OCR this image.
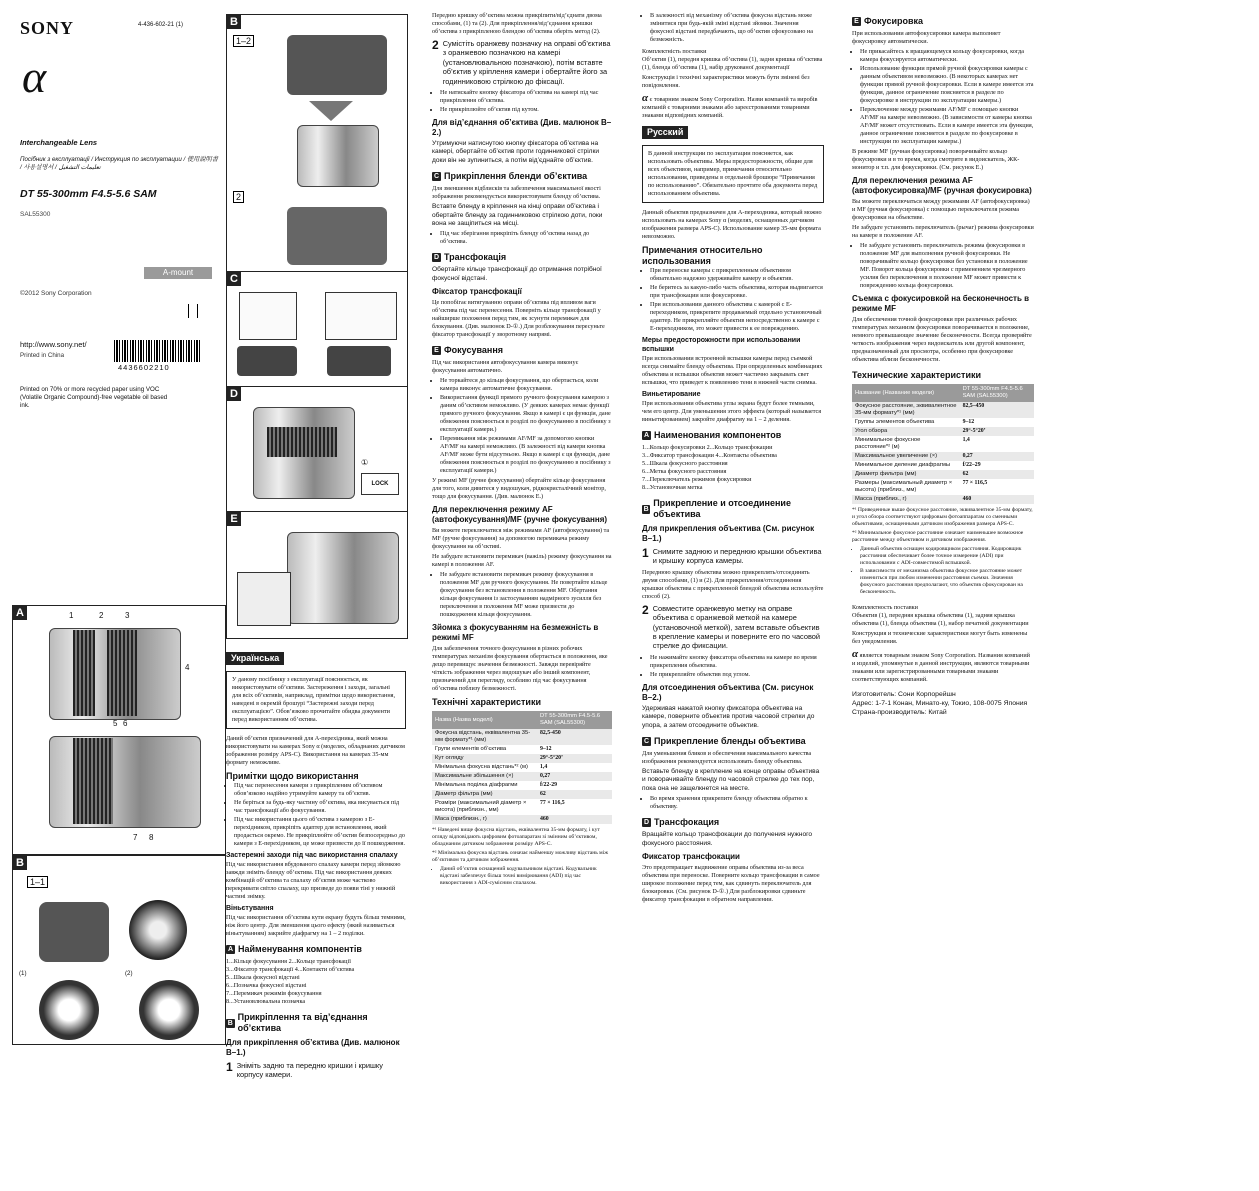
SONY	4-436-602-21 (1)
α
Interchangeable Lens
Посібник з експлуатації / Инструкция по эксплуатации / 使用說明書 / 사용설명서 / تعليمات التشغيل
DT 55-300mm F4.5-5.6 SAM
SAL55300
A-mount
©2012 Sony Corporation
http://www.sony.net/
Printed in China
4436602210
Printed on 70% or more recycled paper using VOC (Volatile Organic Compound)-free vegetable oil based ink.
A	1	2	3
4
5 6
7 8
B
1–1
(1)	(2)
B
1–2
2
C
D
①
LOCK
E
Українська
У даному посібнику з експлуатації пояснюється, як використовувати об’єктиви. Застереження і заходи, загальні для всіх об’єктивів, наприклад, примітки щодо використання, наведені в окремій брошурі “Застережні заходи перед експлуатацією”. Обов’язково прочитайте обидва документи перед використанням об’єктива.

Даний об’єктив призначений для A-перехідника, який можна використовувати на камерах Sony α (моделях, обладнаних датчиком зображення розміру APS-C). Використання на камерах 35-мм формату неможливе.

Примітки щодо використання
• Під час перенесення камери з прикріпленим об’єктивом обов’язково надійно утримуйте камеру та об’єктив.
• Не беріться за будь-яку частину об’єктива, яка висувається під час трансфокації або фокусування.
• Під час використання цього об’єктива з камерою з E-перехідником, прикріпіть адаптер для встановлення, який продається окремо. Не прикріплюйте об’єктив безпосередньо до камери з E-перехідником, це може призвести до її пошкодження.
Застережні заходи під час використання спалаху

Під час використання вбудованого спалаху камери перед зйомкою завжди зніміть бленду об’єктива. Під час використання деяких комбінацій об’єктива та спалаху об’єктив може частково перекривати світло спалаху, що призведе до появи тіні у нижній частині знімку.

Віньєтування

Під час використання об’єктива кути екрану будуть більш темними, ніж його центр. Для зменшення цього ефекту (який називається віньєтуванням) закрийте діафрагму на 1 – 2 поділки.

A Найменування компонентів
1...Кільце фокусування 2...Кольце трансфокації
3...Фіксатор трансфокації 4...Контакти об’єктива
5...Шкала фокусної відстані
6...Позначка фокусної відстані
7...Перемикач режимів фокусування
8...Установлювальна позначка
B
Прикріплення та від’єднання об’єктива
Для прикріплення об’єктива (Див. малюнок B–1.)
1 Зніміть задню та передню кришки і кришку корпусу камери.

Передню кришку об’єктива можна прикріпити/від’єднати двома способами, (1) та (2). Для прикріплення/від’єднання кришки об’єктива з прикріпленою блендою об’єктива оберіть метод (2).

2 Сумістіть оранжеву позначку на оправі об’єктива з оранжевою позначкою на камері (установлювальною позначкою), потім вставте об’єктив у кріплення камери і обертайте його за годинниковою стрілкою до фіксації.
• Не натискайте кнопку фіксатора об’єктива на камері під час прикріплення об’єктива.
• Не прикріплюйте об’єктив під кутом.
Для від’єднання об’єктива (Див. малюнок B–2.)

Утримуючи натиснутою кнопку фіксатора об’єктива на камері, обертайте об’єктив проти годинникової стрілки доки він не зупиниться, а потім від’єднайте об’єктив.

C Прикріплення бленди об’єктива

Для зменшення відблисків та забезпечення максимальної якості зображення рекомендується використовувати бленду об’єктива.

Вставте бленду в кріплення на кінці оправи об’єктива і обертайте бленду за годинниковою стрілкою доти, поки вона не защіпиться на місці.

• Під час зберігання прикріпіть бленду об’єктива назад до об’єктива.
D Трансфокація

Обертайте кільце трансфокації до отримання потрібної фокусної відстані.

Фіксатор трансфокації

Це попобігає витягуванню оправи об’єктива під впливом ваги об’єктива під час перенесення. Поверніть кільце трансфокації у найширше положення перед тим, як зсунути перемикач для блокування. (Див. малюнок D-①.) Для розблокування пересуньте фіксатор трансфокації у зворотному напрямі.

E Фокусування

Під час використання автофокусування камера виконує фокусування автоматично.

• Не торкайтеся до кільця фокусування, що обертається, коли камера виконує автоматичне фокусування.
• Використання функції прямого ручного фокусування камерою з даним об’єктивом неможливо. (У деяких камерах немає функції прямого ручного фокусування. Якщо в камері є ця функція, дане обмеження пояснюється в розділі по фокусуванню в посібнику з експлуатації камери.)
• Перемикання між режимами AF/MF за допомогою кнопки AF/MF на камері неможливо. (В залежності від камери кнопка AF/MF може бути відсутньою. Якщо в камері є ця функція, дане обмеження пояснюється в розділі по фокусуванню в посібнику з експлуатації камери.)

У режимі MF (ручне фокусування) обертайте кільце фокусування для того, коли дивитеся у видошукач, рідкокристалічний монітор, тощо для фокусування. (Див. малюнок E.)

Для переключення режиму AF (автофокусування)/MF (ручне фокусування)

Ви можете переключатися між режимами AF (автофокусування) та MF (ручне фокусування) за допомогою перемикача режиму фокусування на об’єктиві.

Не забудьте встановити перемикач (важіль) режиму фокусування на камері в положення AF.

• Не забудьте встановити перемикач режиму фокусування в положення MF для ручного фокусування. Не повертайте кільце фокусування без встановлення в положення MF. Обертання кільця фокусування із застосуванням надмірного зусилля без переключення в положення MF може призвести до пошкодження кільця фокусування.
Зйомка з фокусуванням на безмежність в режимі MF

Для забезпечення точного фокусування в різних робочих температурах механізм фокусування обертається в положення, яке дещо перевищує значення безмежності. Завжди перевіряйте чіткість зображення через видошукач або інший компонент, призначений для перегляду, особливо під час фокусування об’єктива поблизу безмежності.

Технічні характеристики
Назва (Назва моделі)	DT 55-300mm F4.5-5.6 SAM (SAL55300)
Фокусна відстань, еквівалентна 35-мм формату*¹ (мм)	82,5-450
Групи елементів об’єктива	9–12
Кут огляду	29°-5°20’
Мінімальна фокусна відстань*² (м)	1,4
Максимальне збільшення (×)	0,27
Мінімальна поділка діафрагми	f/22-29
Діаметр фільтра (мм)	62
Розміри (максимальний діаметр × висота) (приблизн., мм)	77 × 116,5
Маса (приблизн., г)	460

*¹ Наведені вище фокусна відстань, еквівалентна 35-мм формату, і кут огляду відповідають цифровим фотоапаратам зі змінним об’єктивом, обладнаним датчиком зображення розміру APS-C.

*² Мінімальна фокусна відстань означає найменшу можливу відстань між об’єктивом та датчиком зображення.

• Даний об’єктив оснащений кодувальником відстані. Кодувальник відстані забезпечує більш точні вимірювання (ADI) під час використання з ADI-сумісним спалахом.
• В залежності від механізму об’єктива фокусна відстань може змінитися при будь-якій зміні відстані зйомки. Значення фокусної відстані передбачають, що об’єктив сфокусовано на безмежність.
Комплектність поставки

Об’єктив (1), передня кришка об’єктива (1), задня кришка об’єктива (1), бленда об’єктива (1), набір друкованої документації

Конструкція і технічні характеристики можуть бути змінені без повідомлення.

α є товарним знаком Sony Corporation. Назви компаній та виробів компаній є товарними знаками або зареєстрованими товарними знаками відповідних компаній.

Русский
В данной инструкции по эксплуатации поясняется, как использовать объективы. Меры предосторожности, общие для всех объективов, например, примечания относительно использования, приведены в отдельной брошюре “Примечания по использованию”. Обязательно прочтите оба документа перед использованием объектива.

Данный объектив предназначен для A-переходника, который можно использовать на камерах Sony α (моделях, оснащенных датчиком изображения размера APS-C). Использование камер 35-мм формата невозможно.

Примечания относительно использования
• При переноске камеры с прикрепленным объективом обязательно надежно удерживайте камеру и объектив.
• Не беритесь за какую-либо часть объектива, которая выдвигается при трансфокации или фокусировке.
• При использовании данного объектива с камерой с E-переходником, прикрепите продаваемый отдельно установочный адаптер. Не прикрепляйте объектив непосредственно к камере с E-переходником, это может привести к ее повреждению.
Меры предосторожности при использовании вспышки

При использовании встроенной вспышки камеры перед съемкой всегда снимайте бленду объектива. При определенных комбинациях объектива и вспышки объектив может частично закрывать свет вспышки, что приведет к появлению тени в нижней части снимка.

Виньетирование

При использовании объектива углы экрана будут более темными, чем его центр. Для уменьшения этого эффекта (который называется виньетированием) закройте диафрагму на 1 – 2 деления.

A Наименования компонентов
1...Кольцо фокусировки 2...Кольцо трансфокации
3...Фиксатор трансфокации 4...Контакты объектива
5...Шкала фокусного расстояния
6...Метка фокусного расстояния
7...Переключатель режимов фокусировки
8...Установочная метка
B
Прикрепление и отсоединение объектива
Для прикрепления объектива (См. рисунок B–1.)
1 Снимите заднюю и переднюю крышки объектива и крышку корпуса камеры.

Переднюю крышку объектива можно прикреплять/отсоединять двумя способами, (1) и (2). Для прикрепления/отсоединения крышки объектива с прикрепленной блендой объектива используйте способ (2).

2 Совместите оранжевую метку на оправе объектива с оранжевой меткой на камере (установочной меткой), затем вставьте объектив в крепление камеры и поверните его по часовой стрелке до фиксации.
• Не нажимайте кнопку фиксатора объектива на камере во время прикрепления объектива.
• Не прикрепляйте объектив под углом.
Для отсоединения объектива (См. рисунок B–2.)

Удерживая нажатой кнопку фиксатора объектива на камере, поверните объектив против часовой стрелки до упора, а затем отсоедините объектив.

C Прикрепление бленды объектива

Для уменьшения бликов и обеспечения максимального качества изображения рекомендуется использовать бленду объектива.

Вставьте бленду в крепление на конце оправы объектива и поворачивайте бленду по часовой стрелке до тех пор, пока она не защелкнется на месте.

• Во время хранения прикрепите бленду объектива обратно к объективу.
D Трансфокация

Вращайте кольцо трансфокации до получения нужного фокусного расстояния.

Фиксатор трансфокации

Это предотвращает выдвижение оправы объектива из-за веса объектива при переноске. Поверните кольцо трансфокации в самое широкое положение перед тем, как сдвинуть переключатель для блокировки. (См. рисунок D-①.) Для разблокировки сдвиньте фиксатор трансфокации в обратном направлении.

E Фокусировка

При использовании автофокусировки камера выполняет фокусировку автоматически.

• Не прикасайтесь к вращающемуся кольцу фокусировки, когда камера фокусируется автоматически.
• Использование функции прямой ручной фокусировки камеры с данным объективом невозможно. (В некоторых камерах нет функции прямой ручной фокусировки. Если в камере имеется эта функция, данное ограничение поясняется в разделе по фокусировке в инструкции по эксплуатации камеры.)
• Переключение между режимами AF/MF с помощью кнопки AF/MF на камере невозможно. (В зависимости от камеры кнопка AF/MF может отсутствовать. Если в камере имеется эта функция, данное ограничение поясняется в разделе по фокусировке в инструкции по эксплуатации камеры.)

В режиме MF (ручная фокусировка) поворачивайте кольцо фокусировки и в то время, когда смотрите в видоискатель, ЖК-монитор и т.п. для фокусировки. (См. рисунок E.)

Для переключения режима AF (автофокусировка)/MF (ручная фокусировка)

Вы можете переключаться между режимами AF (автофокусировка) и MF (ручная фокусировка) с помощью переключателя режима фокусировки на объективе.

Не забудьте установить переключатель (рычаг) режима фокусировки на камере в положение AF.

• Не забудьте установить переключатель режима фокусировки в положение MF для выполнения ручной фокусировки. Не поворачивайте кольцо фокусировки без установки в положение MF. Поворот кольца фокусировки с применением чрезмерного усилия без переключения в положение MF может привести к повреждению кольца фокусировки.
Съемка с фокусировкой на бесконечность в режиме MF

Для обеспечения точной фокусировки при различных рабочих температурах механизм фокусировки поворачивается в положение, немного превышающее значение бесконечности. Всегда проверяйте четкость изображения через видоискатель или другой компонент, предназначенный для просмотра, особенно при фокусировке объектива вблизи бесконечности.

Технические характеристики
Название (Название модели)	DT 55-300mm F4.5-5.6 SAM (SAL55300)
Фокусное расстояние, эквивалентное 35-мм формату*¹ (мм)	82,5–450
Группы элементов объектива	9–12
Угол обзора	29°-5°20’
Минимальное фокусное расстояние*² (м)	1,4
Максимальное увеличение (×)	0,27
Минимальное деление диафрагмы	f/22–29
Диаметр фильтра (мм)	62
Размеры (максимальный диаметр × высота) (приблиз., мм)	77 × 116,5
Масса (приблиз., г)	460

*¹ Приведенные выше фокусное расстояние, эквивалентное 35-мм формату, и угол обзора соответствуют цифровым фотоаппаратам со сменными объективами, оснащенными датчиком изображения размера APS-C.

*² Минимальное фокусное расстояние означает наименьшее возможное расстояние между объективом и датчиком изображения.

• Данный объектив оснащен кодировщиком расстояния. Кодировщик расстояния обеспечивает более точное измерение (ADI) при использовании с ADI-совместимой вспышкой.
• В зависимости от механизма объектива фокусное расстояние может измениться при любом изменении расстояния съемки. Значения фокусного расстояния предполагают, что объектив сфокусирован на бесконечность.
Комплектность поставки

Объектив (1), передняя крышка объектива (1), задняя крышка объектива (1), бленда объектива (1), набор печатной документации

Конструкция и технические характеристики могут быть изменены без уведомления.

α является товарным знаком Sony Corporation. Названия компаний и изделий, упомянутые в данной инструкции, являются товарными знаками или зарегистрированными товарными знаками соответствующих компаний.

Изготовитель: Сони Корпорейшн
Адрес: 1-7-1 Конан, Минато-ку, Токио, 108-0075 Япония
Страна-производитель: Китай
